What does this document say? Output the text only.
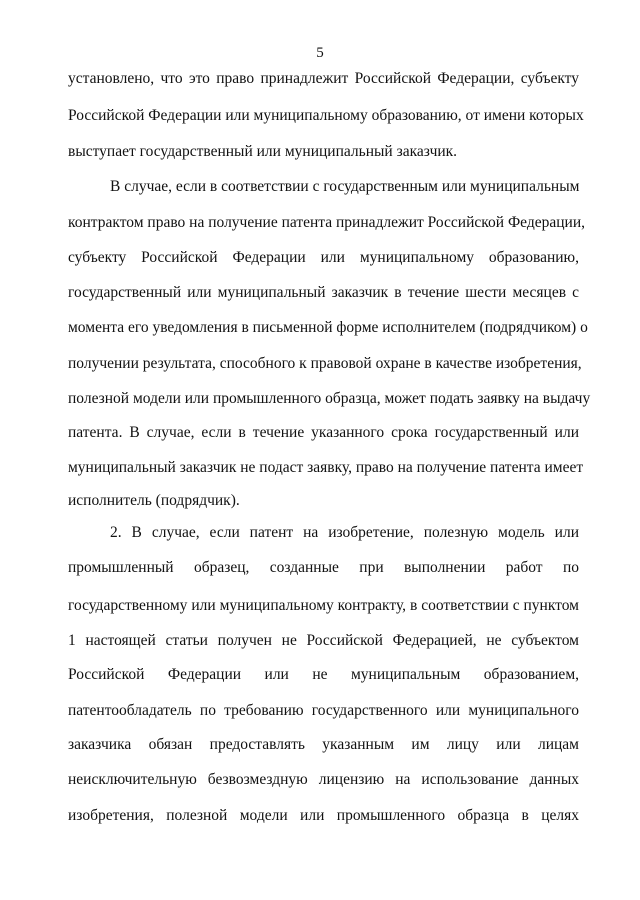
5
установлено, что это право принадлежит Российской Федерации, субъекту
Российской Федерации или муниципальному образованию, от имени которых
выступает государственный или муниципальный заказчик.
В случае, если в соответствии с государственным или муниципальным
контрактом право на получение патента принадлежит Российской Федерации,
субъекту Российской Федерации или муниципальному образованию,
государственный или муниципальный заказчик в течение шести месяцев с
момента его уведомления в письменной форме исполнителем (подрядчиком) о
получении результата, способного к правовой охране в качестве изобретения,
полезной модели или промышленного образца, может подать заявку на выдачу
патента. В случае, если в течение указанного срока государственный или
муниципальный заказчик не подаст заявку, право на получение патента имеет
исполнитель (подрядчик).
2. В случае, если патент на изобретение, полезную модель или
промышленный образец, созданные при выполнении работ по
государственному или муниципальному контракту, в соответствии с пунктом
1 настоящей статьи получен не Российской Федерацией, не субъектом
Российской Федерации или не муниципальным образованием,
патентообладатель по требованию государственного или муниципального
заказчика обязан предоставлять указанным им лицу или лицам
неисключительную безвозмездную лицензию на использование данных
изобретения, полезной модели или промышленного образца в целях
